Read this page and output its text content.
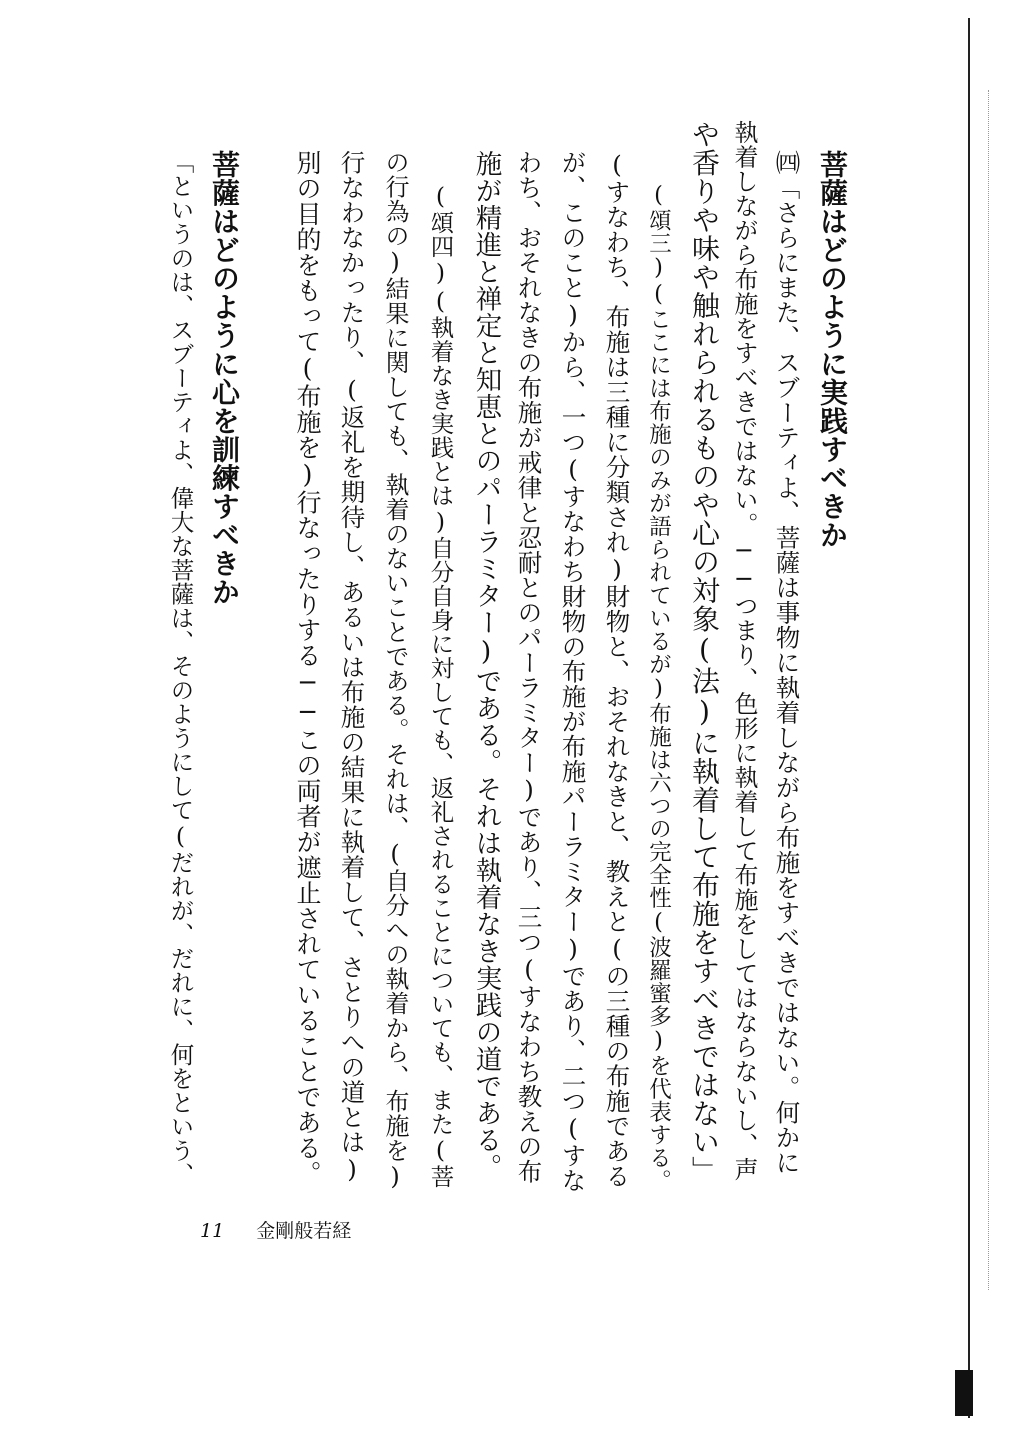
菩薩はどのように実践すべきか
㈣「さらにまた、スブーティよ、菩薩は事物に執着しながら布施をすべきではない。何かに
執着しながら布施をすべきではない。──つまり、色形に執着して布施をしてはならないし、声
や香りや味や触れられるものや心の対象(法)に執着して布施をすべきではない」
(頌三)(ここには布施のみが語られているが)布施は六つの完全性(波羅蜜多)を代表する。
(すなわち、布施は三種に分類され)財物と、おそれなきと、教えと(の三種の布施である
が、このこと)から、一つ(すなわち財物の布施が布施パーラミター)であり、二つ(すな
わち、おそれなきの布施が戒律と忍耐とのパーラミター)であり、三つ(すなわち教えの布
施が精進と禅定と知恵とのパーラミター)である。それは執着なき実践の道である。
(頌四)(執着なき実践とは)自分自身に対しても、返礼されることについても、また(菩
の行為の)結果に関しても、執着のないことである。それは、(自分への執着から、布施を)
行なわなかったり、(返礼を期待し、あるいは布施の結果に執着して、さとりへの道とは)
別の目的をもって(布施を)行なったりする──この両者が遮止されていることである。
菩薩はどのように心を訓練すべきか
「というのは、スブーティよ、偉大な菩薩は、そのようにして(だれが、だれに、何をという、
11 金剛般若経
